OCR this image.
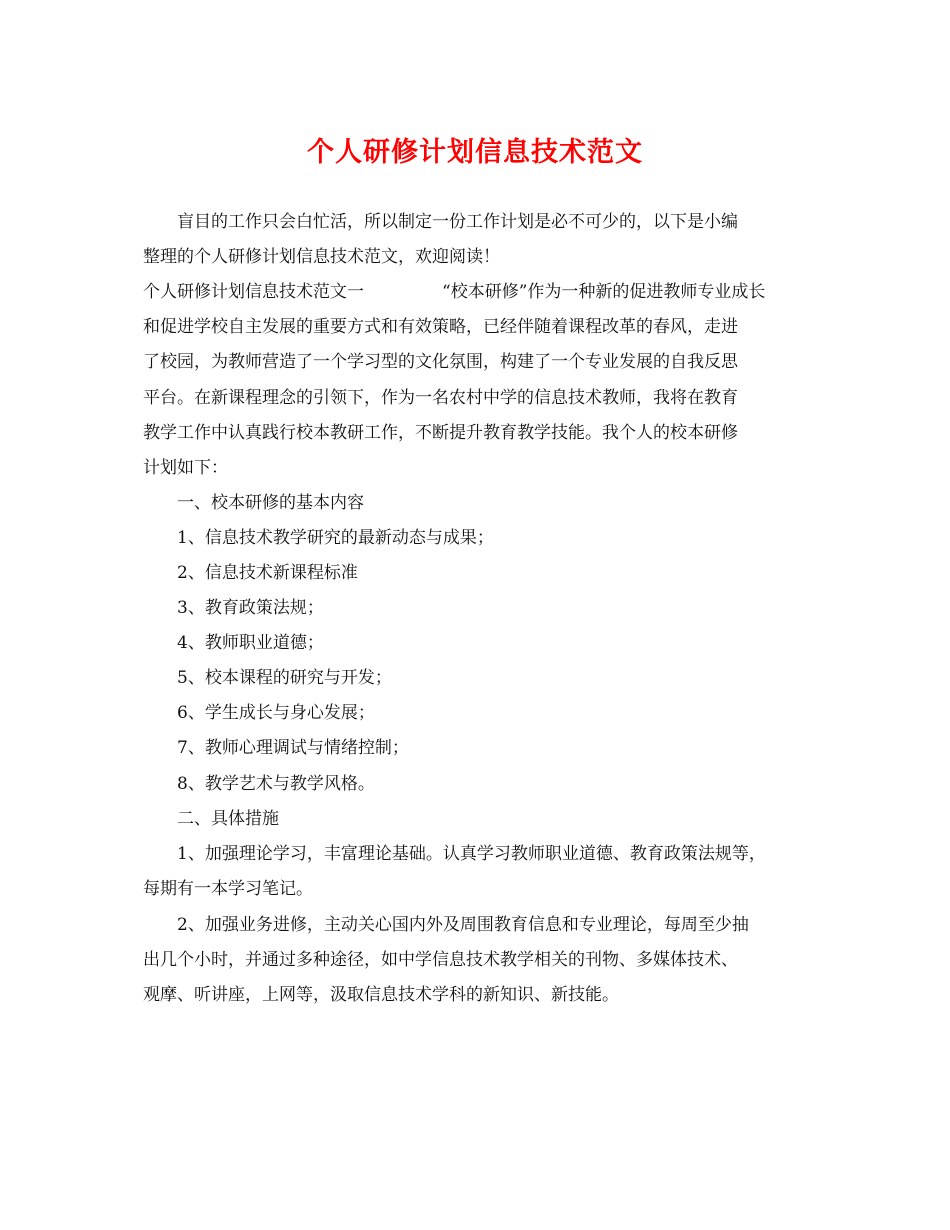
个人研修计划信息技术范文
盲目的工作只会白忙活，所以制定一份工作计划是必不可少的，以下是小编
整理的个人研修计划信息技术范文，欢迎阅读！
个人研修计划信息技术范文一	“校本研修”作为一种新的促进教师专业成长
和促进学校自主发展的重要方式和有效策略，已经伴随着课程改革的春风，走进
了校园，为教师营造了一个学习型的文化氛围，构建了一个专业发展的自我反思
平台。在新课程理念的引领下，作为一名农村中学的信息技术教师，我将在教育
教学工作中认真践行校本教研工作，不断提升教育教学技能。我个人的校本研修
计划如下：
一、校本研修的基本内容
1、信息技术教学研究的最新动态与成果；
2、信息技术新课程标准
3、教育政策法规；
4、教师职业道德；
5、校本课程的研究与开发；
6、学生成长与身心发展；
7、教师心理调试与情绪控制；
8、教学艺术与教学风格。
二、具体措施
1、加强理论学习，丰富理论基础。认真学习教师职业道德、教育政策法规等，
每期有一本学习笔记。
2、加强业务进修，主动关心国内外及周围教育信息和专业理论，每周至少抽
出几个小时，并通过多种途径，如中学信息技术教学相关的刊物、多媒体技术、
观摩、听讲座，上网等，汲取信息技术学科的新知识、新技能。
